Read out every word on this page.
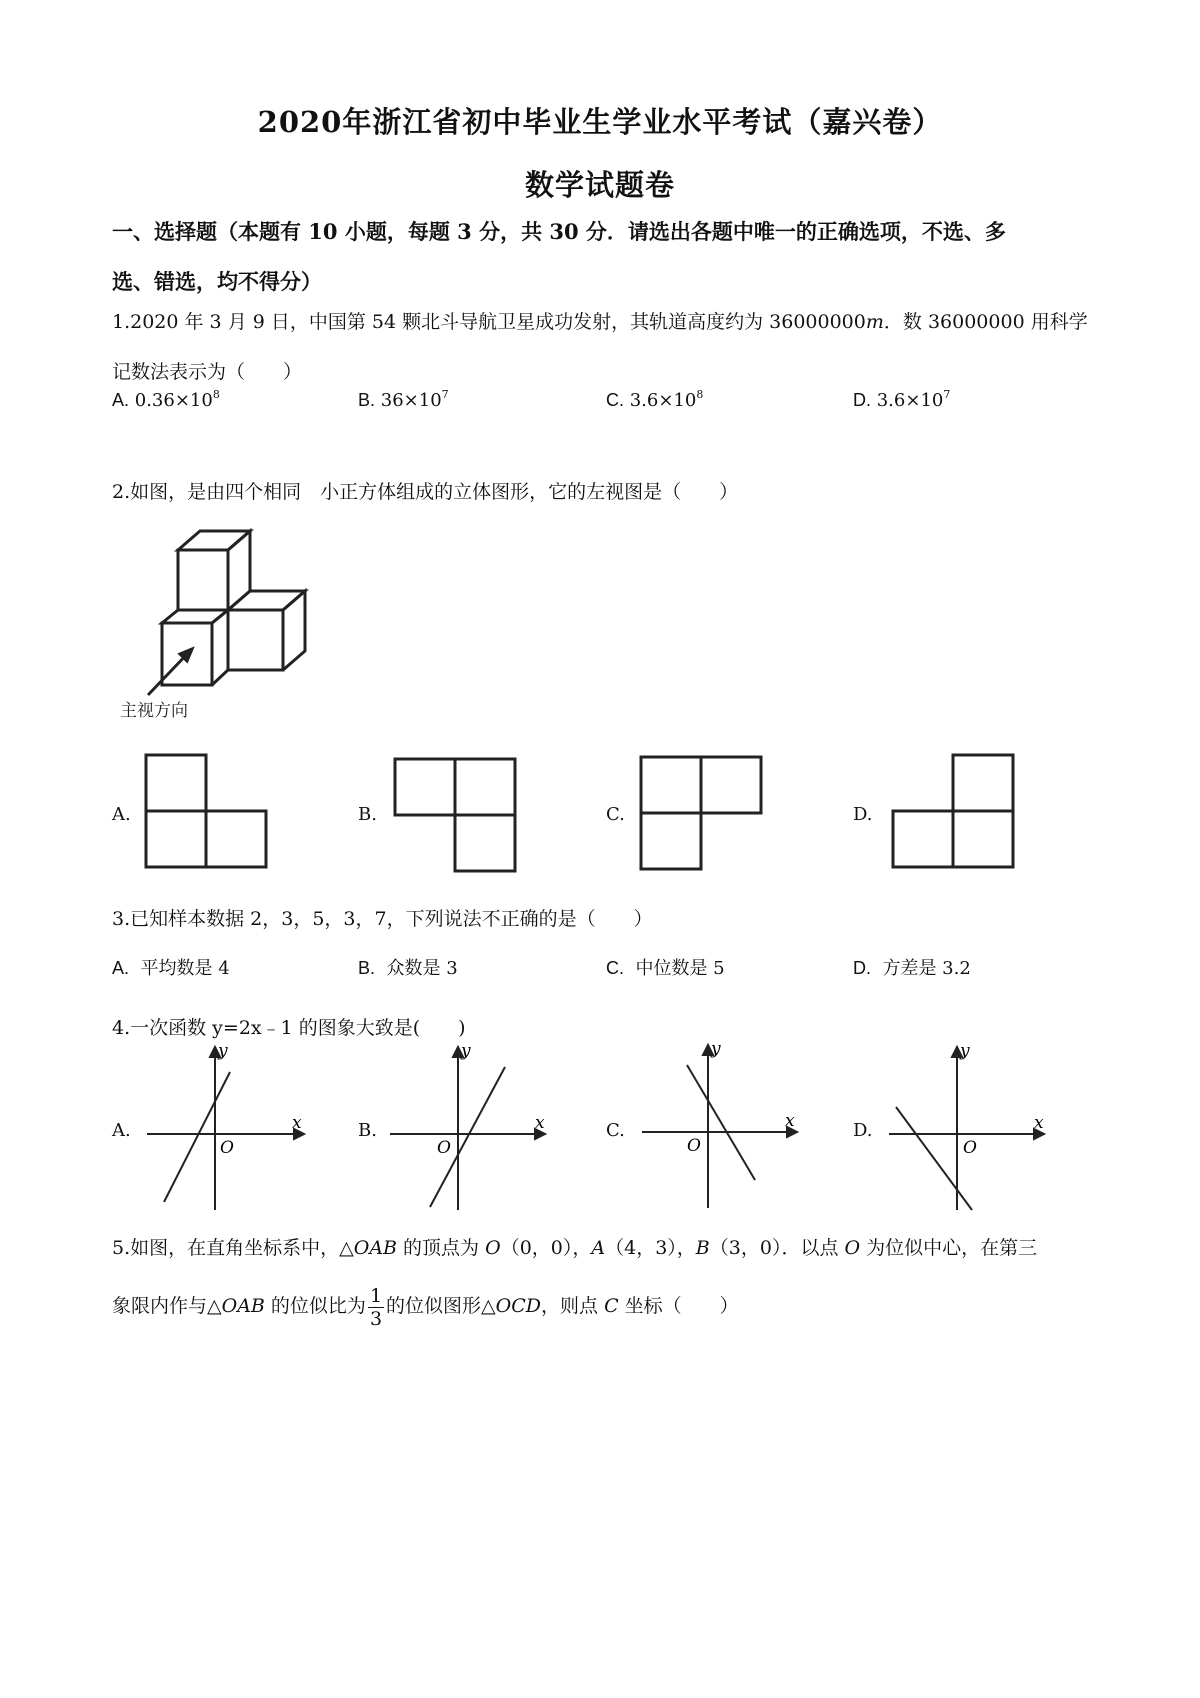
2020年浙江省初中毕业生学业水平考试（嘉兴卷）
数学试题卷
一、选择题（本题有 10 小题，每题 3 分，共 30 分．请选出各题中唯一的正确选项，不选、多
选、错选，均不得分）
1.2020 年 3 月 9 日，中国第 54 颗北斗导航卫星成功发射，其轨道高度约为 36000000m．数 36000000 用科学
记数法表示为（　　）
A. $0.36\times 10^8$	B. $36\times 10^7$	C. $3.6\times 10^8$	D. $3.6\times 10^7$
2.如图，是由四个相同　小正方体组成的立体图形，它的左视图是（　　）
主视方向
A.	B.	C.	D.
3.已知样本数据 2，3，5，3，7，下列说法不正确的是（　　）
A. 平均数是 4	B. 众数是 3	C. 中位数是 5	D. 方差是 3.2
4.一次函数 y=2x﹣1 的图象大致是(　　)
A.
y
x
O
B.
y
x
O
C.
y
x
O
D.
y
x
O
5.如图，在直角坐标系中，△OAB 的顶点为 O（0，0），A（4，3），B（3，0）．以点 O 为位似中心，在第三
象限内作与△OAB 的位似比为 $\frac{1}{3}$ 的位似图形△OCD，则点 C 坐标（　　）
